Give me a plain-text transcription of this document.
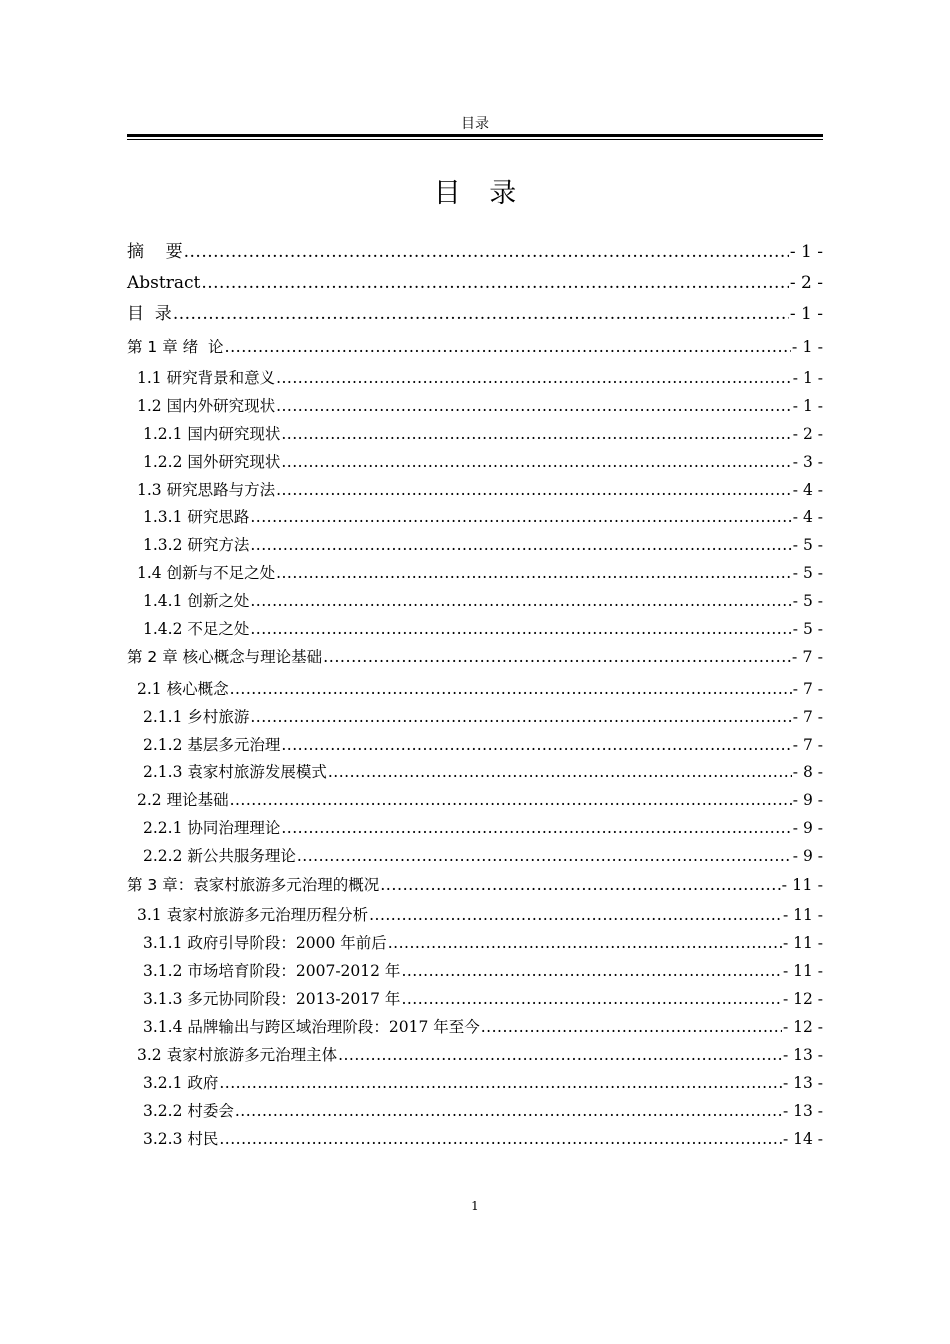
目录
目 录
摘    要 .....	- 1 -
Abstract .....	- 2 -
目  录 .....	- 1 -
第 1 章 绪  论 .....	- 1 -
1.1 研究背景和意义 .....	- 1 -
1.2 国内外研究现状 .....	- 1 -
1.2.1 国内研究现状 .....	- 2 -
1.2.2 国外研究现状 .....	- 3 -
1.3 研究思路与方法 .....	- 4 -
1.3.1 研究思路 .....	- 4 -
1.3.2 研究方法 .....	- 5 -
1.4 创新与不足之处 .....	- 5 -
1.4.1 创新之处 .....	- 5 -
1.4.2 不足之处 .....	- 5 -
第 2 章 核心概念与理论基础 .....	- 7 -
2.1 核心概念 .....	- 7 -
2.1.1 乡村旅游 .....	- 7 -
2.1.2 基层多元治理 .....	- 7 -
2.1.3 袁家村旅游发展模式 .....	- 8 -
2.2 理论基础 .....	- 9 -
2.2.1 协同治理理论 .....	- 9 -
2.2.2 新公共服务理论 .....	- 9 -
第 3 章：袁家村旅游多元治理的概况 .....	- 11 -
3.1 袁家村旅游多元治理历程分析 .....	- 11 -
3.1.1 政府引导阶段：2000 年前后 .....	- 11 -
3.1.2 市场培育阶段：2007-2012 年 .....	- 11 -
3.1.3 多元协同阶段：2013-2017 年 .....	- 12 -
3.1.4 品牌输出与跨区域治理阶段：2017 年至今 .....	- 12 -
3.2 袁家村旅游多元治理主体 .....	- 13 -
3.2.1 政府 .....	- 13 -
3.2.2 村委会 .....	- 13 -
3.2.3 村民 .....	- 14 -
1
